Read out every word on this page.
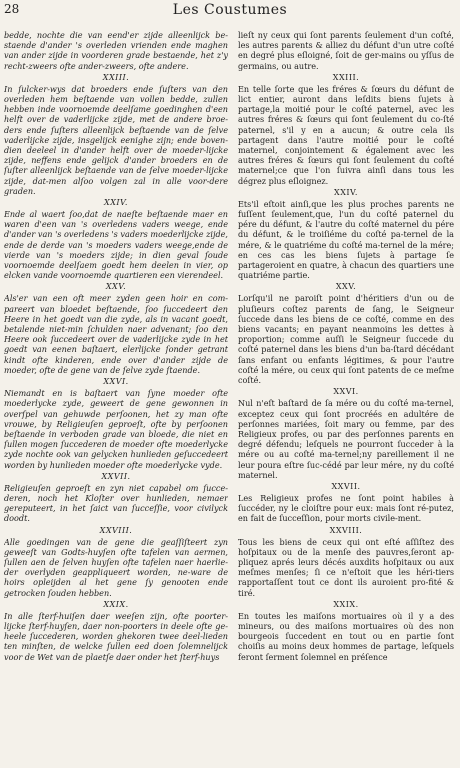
28	Les Coustumes

bedde, nochte die van eend'er zijde alleenlijck be-staende d'ander 's overleden vrienden ende maghen van ander zijde in voorderen grade bestaende, het z'y recht-zweers ofte ander-zweers, ofte andere.

XXIII.

In ſulcker-wys dat broeders ende ſuſters van den overleden hem beſtaende van vollen bedde, zullen hebben inde voornoemde deelſame goedinghen d'een helft over de vaderlijcke zijde, met de andere broe-ders ende ſuſters alleenlijck beſtaende van de ſelve vaderlijcke zijde, insgelijck eenighe zijn; ende boven-dien deeleel in d'ander helft over de moeder-lijcke zijde, neffens ende gelijck d'ander broeders en de ſuſter alleenlijck beſtaende van de ſelve moeder-lijcke zijde, dat-men alſoo volgen zal in alle voor-dere graden.

XXIV.

Ende al waert ſoo,dat de naeſte beſtaende maer en waren d'een van 's overledens vaders weege, ende d'ander van 's overledens 's vaders moederlijcke zijde, ende de derde van 's moeders vaders weege,ende de vierde van 's moeders zijde; in dien geval ſoude voornoemde deelſaem goedt hem deelen in vier, op elcken vande voornoemde quartieren een vierendeel.

XXV.

Als'er van een oft meer zyden geen hoir en com-pareert van bloedet beſtaende, ſoo ſuccedeert den Heere in het goedt van die zyde, als in vacant goedt, betalende niet-min ſchulden naer advenant; ſoo den Heere ook ſuccedeert over de vaderlijcke zyde in het goedt van eenen baſtaert, elerlijcke ſonder getrant kindt ofte kinderen, ende over d'ander zijde de moeder, ofte de gene van de ſelve zyde ſtaende.

XXVI.

Niemandt en is baſtaert van ſyne moeder ofte moederlycke zyde, geweert de gene gewonnen in overſpel van gehuwde perſoonen, het zy man ofte vrouwe, by Religieuſen geproeſt, ofte by perſoonen beſtaende in verboden grade van bloede, die niet en ſullen mogen ſuccederen de moeder ofte moederlycke zyde nochte ook van gelycken hunlieden geſuccedeert worden by hunlieden moeder ofte moederlycke vyde.

XXVII.

Religieuſen geproeſt en zyn niet capabel om ſucce-deren, noch het Kloſter over hunlieden, nemaer gereputeert, in het ſaict van ſucceſſie, voor civilyck doodt.

XXVIII.

Alle goedingen van de gene die geaſſiſteert zyn geweeſt van Godts-huyſen ofte tafelen van aermen, ſullen aen de ſelven huyſen ofte tafelen naer haerlie-der overlyden geappliqueert worden, ne-ware de hoirs opleijden al het gene ſy genooten ende getrocken ſouden hebben.

XXIX.

In alle ſterf-huiſen daer weeſen zijn, ofte poorter-lijcke ſterf-huyſen, daer non-poorters in deele ofte ge-heele ſuccederen, worden ghekoren twee deel-lieden ten minſten, de welcke ſullen eed doen ſolemnelijck voor de Wet van de plaetſe daer onder het ſterf-huys

lieſt ny ceux qui ſont parents ſeulement d'un coſté, les autres parents & alliez du défunt d'un utre coſté en degré plus eſloigné, ſoit de ger-mains ou yſſus de germains, ou autre.

XXIII.

En telle ſorte que les fréres & ſœurs du défunt de lict entier, auront dans leſdits biens ſujets à partage,la moitié pour le coſté paternel, avec les autres fréres & ſœurs qui ſont ſeulement du co-ſté paternel, s'il y en a aucun; & outre cela ils partagent dans l'autre moitié pour le coſté maternel, conjointement & également avec les autres fréres & ſœurs qui ſont ſeulement du coſté maternel;ce que l'on ſuivra ainſi dans tous les dégrez plus eſloignez.

XXIV.

Ets'il eſtoit ainſi,que les plus proches parents ne fuſſent ſeulement,que, l'un du coſté paternel du pére du défunt, & l'autre du coſté maternel du pére du défunt, & le troiſiéme du coſté pa-ternel de la mére, & le quatriéme du coſté ma-ternel de la mére; en ces cas les biens ſujets à partage ſe partageroient en quatre, à chacun des quartiers une quatriéme partie.

XXV.

Lorſqu'il ne paroiſt point d'héritiers d'un ou de pluſieurs coſtez parents de ſang, le Seigneur ſuccede dans les biens de ce coſté, comme en des biens vacants; en payant neanmoins les dettes à proportion; comme auſſi le Seigneur ſuccede du coſté paternel dans les biens d'un ba-ſtard décédant ſans enfant ou enfants légitimes, & pour l'autre coſté la mére, ou ceux qui ſont patents de ce meſme coſté.

XXVI.

Nul n'eſt baſtard de ſa mére ou du coſté ma-ternel, exceptez ceux qui ſont procréés en adultére de perſonnes mariées, ſoit mary ou femme, par des Religieux profes, ou par des perſonnes parents en degré défendu; leſquels ne pourront ſucceder à la mére ou au coſté ma-ternel;ny pareillement il ne leur poura eſtre ſuc-cédé par leur mére, ny du coſté maternel.

XXVII.

Les Religieux profes ne ſont point habiles à ſuccéder, ny le cloiſtre pour eux: mais ſont ré-putez, en fait de ſucceſſion, pour morts civile-ment.

XXVIII.

Tous les biens de ceux qui ont eſté aſſiſtez des hoſpitaux ou de la menſe des pauvres,ſeront ap-pliquez aprés leurs décés auxdits hoſpitaux ou aux meſmes menſes; ſi ce n'eſtoit que les héri-tiers rapportaſſent tout ce dont ils auroient pro-fité & tiré.

XXIX.

En toutes les maiſons mortuaires où il y a des mineurs, ou des maiſons mortuaires où des non bourgeois ſuccedent en tout ou en partie ſont choiſis au moins deux hommes de partage, leſquels feront ſerment ſolemnel en préſence
